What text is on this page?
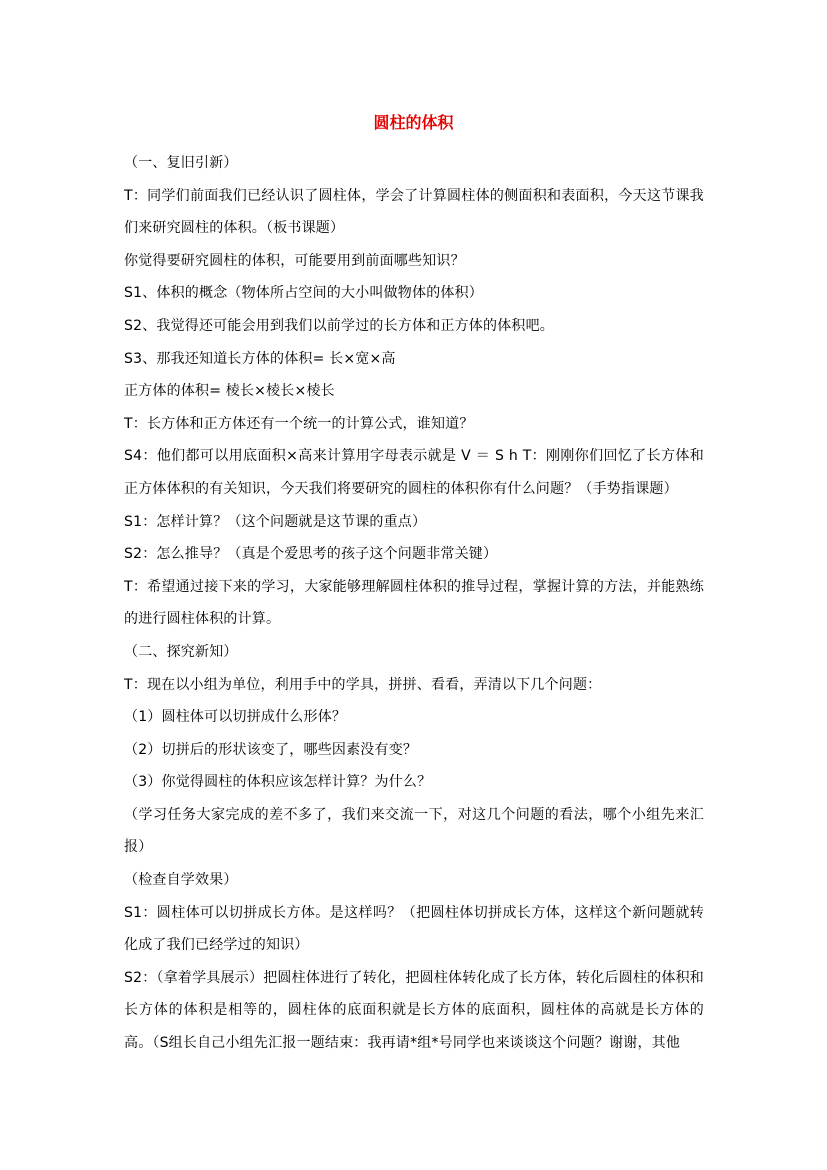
圆柱的体积

（一、复旧引新）

T：同学们前面我们已经认识了圆柱体，学会了计算圆柱体的侧面积和表面积，今天这节课我们来研究圆柱的体积。（板书课题）

你觉得要研究圆柱的体积，可能要用到前面哪些知识？

S1、体积的概念（物体所占空间的大小叫做物体的体积）

S2、我觉得还可能会用到我们以前学过的长方体和正方体的体积吧。

S3、那我还知道长方体的体积= 长×宽×高

正方体的体积= 棱长×棱长×棱长

T：长方体和正方体还有一个统一的计算公式，谁知道？

S4：他们都可以用底面积×高来计算用字母表示就是 V ＝ S h T：刚刚你们回忆了长方体和正方体体积的有关知识，今天我们将要研究的圆柱的体积你有什么问题？（手势指课题）

S1：怎样计算？（这个问题就是这节课的重点）

S2：怎么推导？（真是个爱思考的孩子这个问题非常关键）

T：希望通过接下来的学习，大家能够理解圆柱体积的推导过程，掌握计算的方法，并能熟练的进行圆柱体积的计算。

（二、探究新知）

T：现在以小组为单位，利用手中的学具，拼拼、看看，弄清以下几个问题：

（1）圆柱体可以切拼成什么形体？

（2）切拼后的形状该变了，哪些因素没有变？

（3）你觉得圆柱的体积应该怎样计算？为什么？

（学习任务大家完成的差不多了，我们来交流一下，对这几个问题的看法，哪个小组先来汇报）

（检查自学效果）

S1：圆柱体可以切拼成长方体。是这样吗？（把圆柱体切拼成长方体，这样这个新问题就转化成了我们已经学过的知识）

S2：（拿着学具展示）把圆柱体进行了转化，把圆柱体转化成了长方体，转化后圆柱的体积和长方体的体积是相等的，圆柱体的底面积就是长方体的底面积，圆柱体的高就是长方体的高。（S组长自己小组先汇报一题结束：我再请*组*号同学也来谈谈这个问题？谢谢，其他
